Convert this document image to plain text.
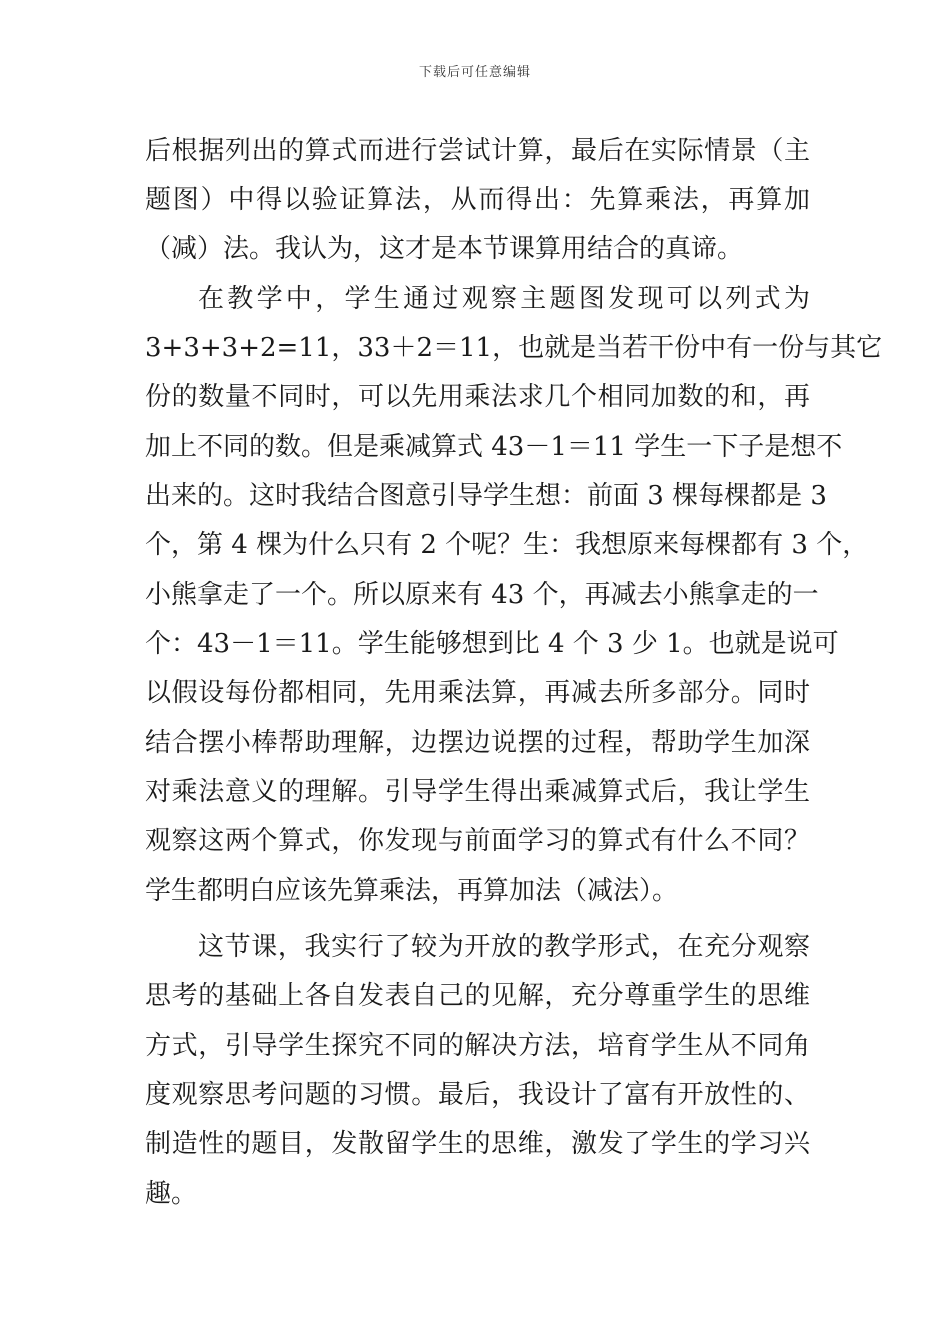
下载后可任意编辑
后根据列出的算式而进行尝试计算，最后在实际情景（主
题图）中得以验证算法，从而得出：先算乘法，再算加
（减）法。我认为，这才是本节课算用结合的真谛。
在教学中，学生通过观察主题图发现可以列式为
3+3+3+2=11，33＋2＝11，也就是当若干份中有一份与其它
份的数量不同时，可以先用乘法求几个相同加数的和，再
加上不同的数。但是乘减算式 43－1＝11 学生一下子是想不
出来的。这时我结合图意引导学生想：前面 3 棵每棵都是 3
个，第 4 棵为什么只有 2 个呢？生：我想原来每棵都有 3 个，
小熊拿走了一个。所以原来有 43 个，再减去小熊拿走的一
个：43－1＝11。学生能够想到比 4 个 3 少 1。也就是说可
以假设每份都相同，先用乘法算，再减去所多部分。同时
结合摆小棒帮助理解，边摆边说摆的过程，帮助学生加深
对乘法意义的理解。引导学生得出乘减算式后，我让学生
观察这两个算式，你发现与前面学习的算式有什么不同？
学生都明白应该先算乘法，再算加法（减法）。
这节课，我实行了较为开放的教学形式，在充分观察
思考的基础上各自发表自己的见解，充分尊重学生的思维
方式，引导学生探究不同的解决方法，培育学生从不同角
度观察思考问题的习惯。最后，我设计了富有开放性的、
制造性的题目，发散留学生的思维，激发了学生的学习兴
趣。
